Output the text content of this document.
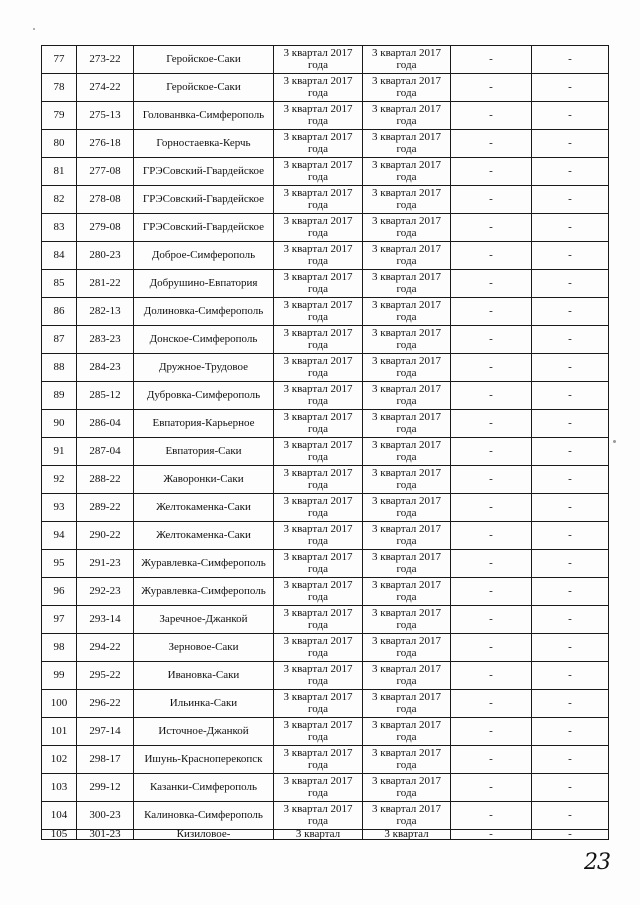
77	273-22	Геройское-Саки	3 квартал 2017 года	3 квартал 2017 года	-	-
78	274-22	Геройское-Саки	3 квартал 2017 года	3 квартал 2017 года	-	-
79	275-13	Голованвка-Симферополь	3 квартал 2017 года	3 квартал 2017 года	-	-
80	276-18	Горностаевка-Керчь	3 квартал 2017 года	3 квартал 2017 года	-	-
81	277-08	ГРЭСовский-Гвардейское	3 квартал 2017 года	3 квартал 2017 года	-	-
82	278-08	ГРЭСовский-Гвардейское	3 квартал 2017 года	3 квартал 2017 года	-	-
83	279-08	ГРЭСовский-Гвардейское	3 квартал 2017 года	3 квартал 2017 года	-	-
84	280-23	Доброе-Симферополь	3 квартал 2017 года	3 квартал 2017 года	-	-
85	281-22	Добрушино-Евпатория	3 квартал 2017 года	3 квартал 2017 года	-	-
86	282-13	Долиновка-Симферополь	3 квартал 2017 года	3 квартал 2017 года	-	-
87	283-23	Донское-Симферополь	3 квартал 2017 года	3 квартал 2017 года	-	-
88	284-23	Дружное-Трудовое	3 квартал 2017 года	3 квартал 2017 года	-	-
89	285-12	Дубровка-Симферополь	3 квартал 2017 года	3 квартал 2017 года	-	-
90	286-04	Евпатория-Карьерное	3 квартал 2017 года	3 квартал 2017 года	-	-
91	287-04	Евпатория-Саки	3 квартал 2017 года	3 квартал 2017 года	-	-
92	288-22	Жаворонки-Саки	3 квартал 2017 года	3 квартал 2017 года	-	-
93	289-22	Желтокаменка-Саки	3 квартал 2017 года	3 квартал 2017 года	-	-
94	290-22	Желтокаменка-Саки	3 квартал 2017 года	3 квартал 2017 года	-	-
95	291-23	Журавлевка-Симферополь	3 квартал 2017 года	3 квартал 2017 года	-	-
96	292-23	Журавлевка-Симферополь	3 квартал 2017 года	3 квартал 2017 года	-	-
97	293-14	Заречное-Джанкой	3 квартал 2017 года	3 квартал 2017 года	-	-
98	294-22	Зерновое-Саки	3 квартал 2017 года	3 квартал 2017 года	-	-
99	295-22	Ивановка-Саки	3 квартал 2017 года	3 квартал 2017 года	-	-
100	296-22	Ильинка-Саки	3 квартал 2017 года	3 квартал 2017 года	-	-
101	297-14	Источное-Джанкой	3 квартал 2017 года	3 квартал 2017 года	-	-
102	298-17	Ишунь-Красноперекопск	3 квартал 2017 года	3 квартал 2017 года	-	-
103	299-12	Казанки-Симферополь	3 квартал 2017 года	3 квартал 2017 года	-	-
104	300-23	Калиновка-Симферополь	3 квартал 2017 года	3 квартал 2017 года	-	-
105	301-23	Кизиловое-	3 квартал	3 квартал	-	-
23
